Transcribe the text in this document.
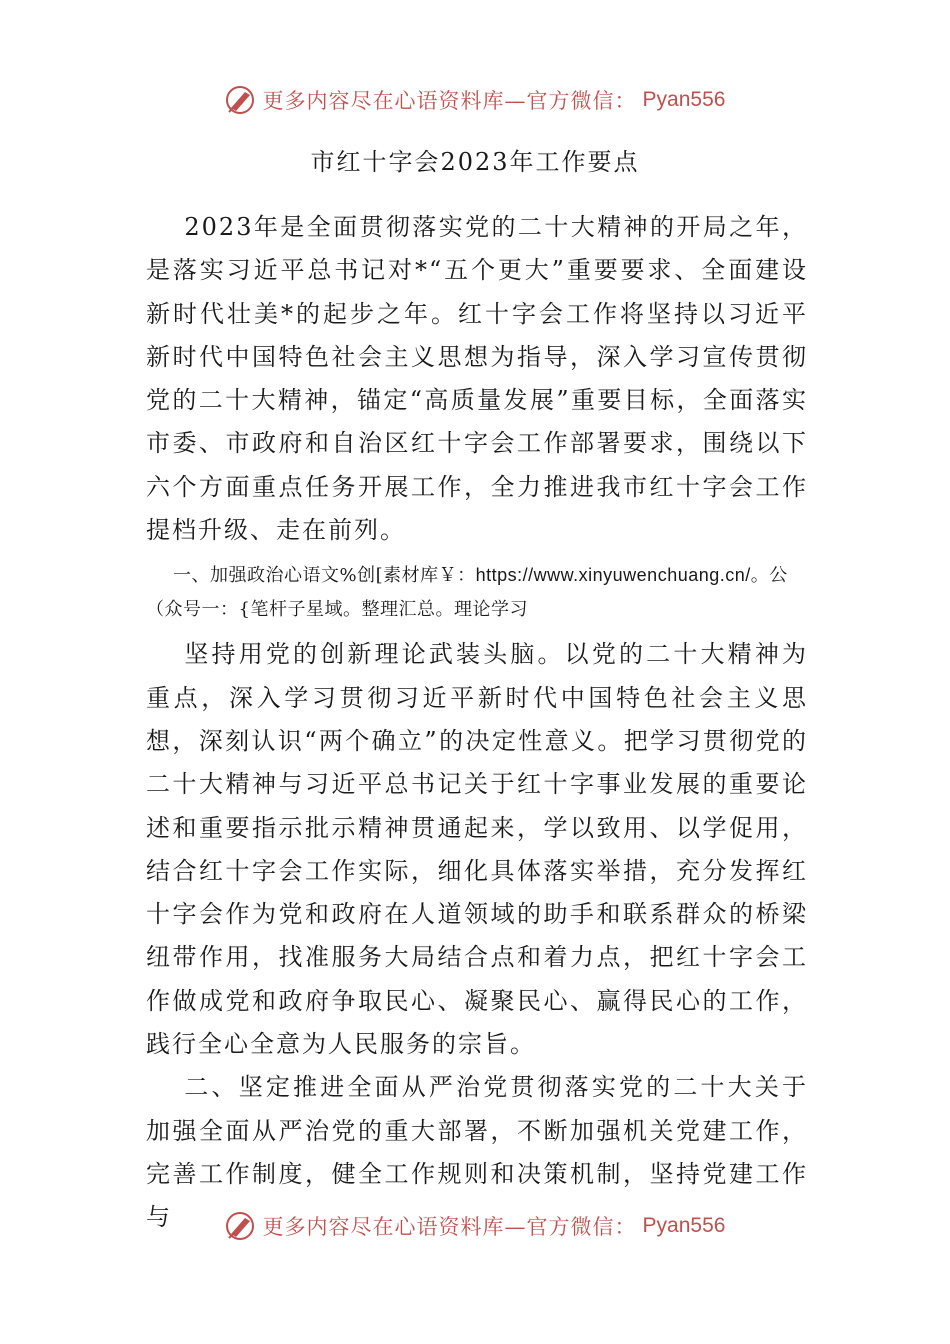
更多内容尽在心语资料库—官方微信： Pyan556
市红十字会2023年工作要点

2023年是全面贯彻落实党的二十大精神的开局之年，是落实习近平总书记对*“五个更大”重要要求、全面建设新时代壮美*的起步之年。红十字会工作将坚持以习近平新时代中国特色社会主义思想为指导，深入学习宣传贯彻党的二十大精神，锚定“高质量发展”重要目标，全面落实市委、市政府和自治区红十字会工作部署要求，围绕以下六个方面重点任务开展工作，全力推进我市红十字会工作提档升级、走在前列。

一、加强政治心语文%创[素材库￥：https://www.xinyuwenchuang.cn/。公（众号一：{笔杆子星域。整理汇总。理论学习

坚持用党的创新理论武装头脑。以党的二十大精神为重点，深入学习贯彻习近平新时代中国特色社会主义思想，深刻认识“两个确立”的决定性意义。把学习贯彻党的二十大精神与习近平总书记关于红十字事业发展的重要论述和重要指示批示精神贯通起来，学以致用、以学促用，结合红十字会工作实际，细化具体落实举措，充分发挥红十字会作为党和政府在人道领域的助手和联系群众的桥梁纽带作用，找准服务大局结合点和着力点，把红十字会工作做成党和政府争取民心、凝聚民心、赢得民心的工作，践行全心全意为人民服务的宗旨。

二、坚定推进全面从严治党贯彻落实党的二十大关于加强全面从严治党的重大部署，不断加强机关党建工作，完善工作制度，健全工作规则和决策机制，坚持党建工作与	更多内容尽在心语资料库—官方微信： Pyan556
